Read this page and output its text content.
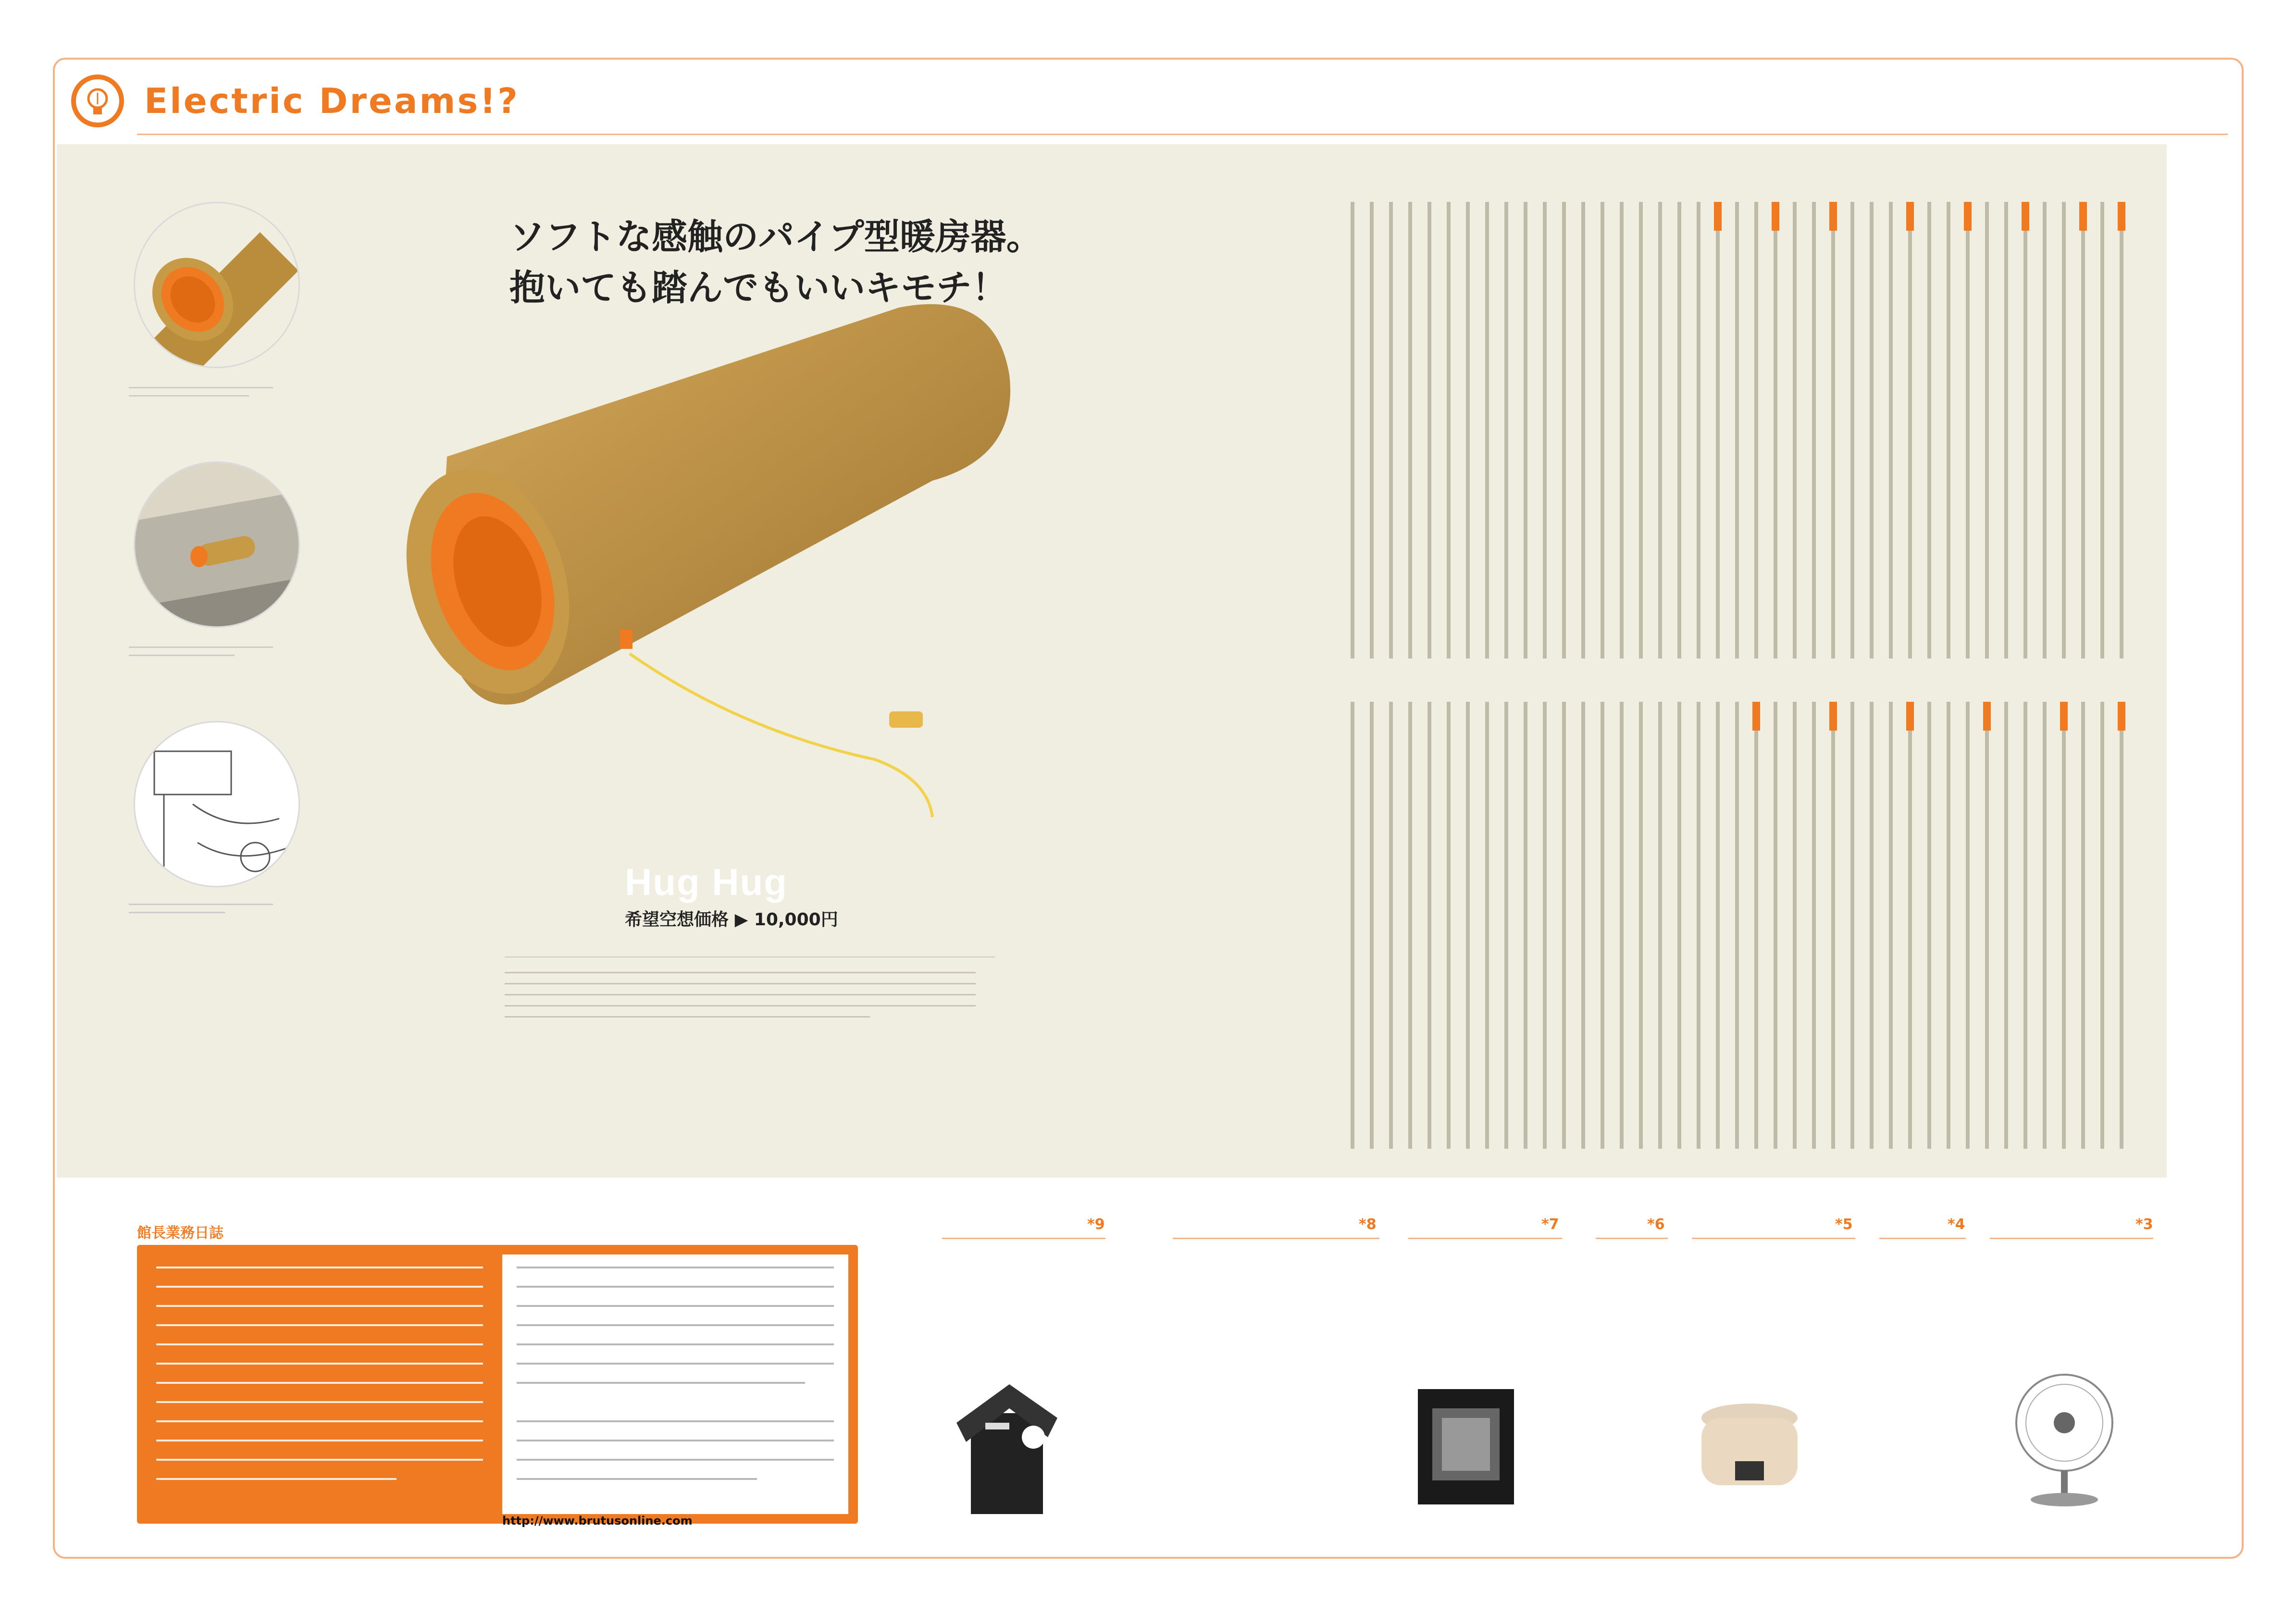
Electric Dreams!?
ソフトな感触のパイプ型暖房器。
抱いても踏んでもいいキモチ！
Hug Hug
希望空想価格 ▶ 10,000円
館長業務日誌
http://www.brutusonline.com
*9	*8	*7	*6	*5	*4	*3
